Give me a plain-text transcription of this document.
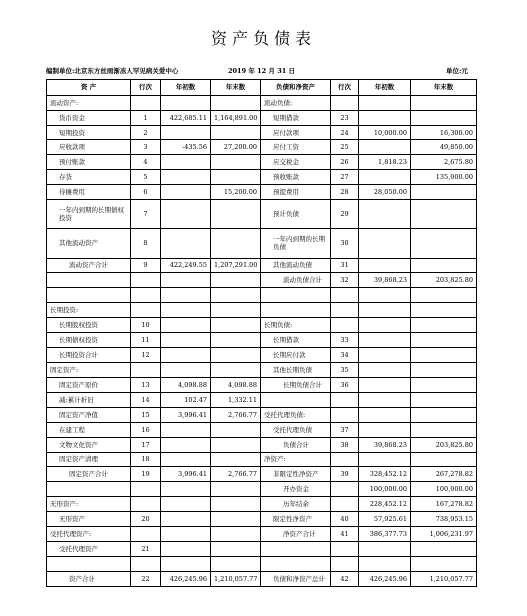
资产负债表
编制单位:北京东方丝雨渐冻人罕见病关爱中心	2019 年 12 月 31 日	单位:元
资 产	行次	年初数	年末数	负债和净资产	行次	年初数	年末数
流动资产:				流动负债:			
货币资金	1	422,685.11	1,164,891.00	短期借款	23		
短期投资	2			应付款项	24	10,000.00	16,300.00
应收款项	3	-435.56	27,200.00	应付工资	25		49,850.00
预付账款	4			应交税金	26	1,818.23	2,675.80
存货	5			预收账款	27		135,000.00
待摊费用	6		15,200.00	预提费用	28	28,050.00	
一年内到期的长期债权投资	7			预计负债	29		
其他流动资产	8			一年内到期的长期负债	30		
流动资产合计	9	422,249.55	1,207,291.00	其他流动负债	31		
				流动负债合计	32	39,868.23	203,825.80

长期投资:							
长期股权投资	10			长期负债:			
长期债权投资	11			长期借款	33		
长期投资合计	12			长期应付款	34		
固定资产:				其他长期负债	35		
固定资产原价	13	4,098.88	4,098.88	长期负债合计	36		
减:累计折旧	14	102.47	1,332.11				
固定资产净值	15	3,996.41	2,766.77	受托代理负债:			
在建工程	16			受托代理负债	37		
文物文化资产	17			负债合计	38	39,868.23	203,825.80
固定资产清理	18			净资产:			
固定资产合计	19	3,996.41	2,766.77	非限定性净资产	39	328,452.12	267,278.82
				开办资金		100,000.00	100,000.00
无形资产:				历年结余		228,452.12	167,278.82
无形资产	20			限定性净资产	40	57,925.61	738,953.15
受托代理资产:				净资产合计	41	386,377.73	1,006,231.97
受托代理资产	21						

资产合计	22	426,245.96	1,210,057.77	负债和净资产总计	42	426,245.96	1,210,057.77
